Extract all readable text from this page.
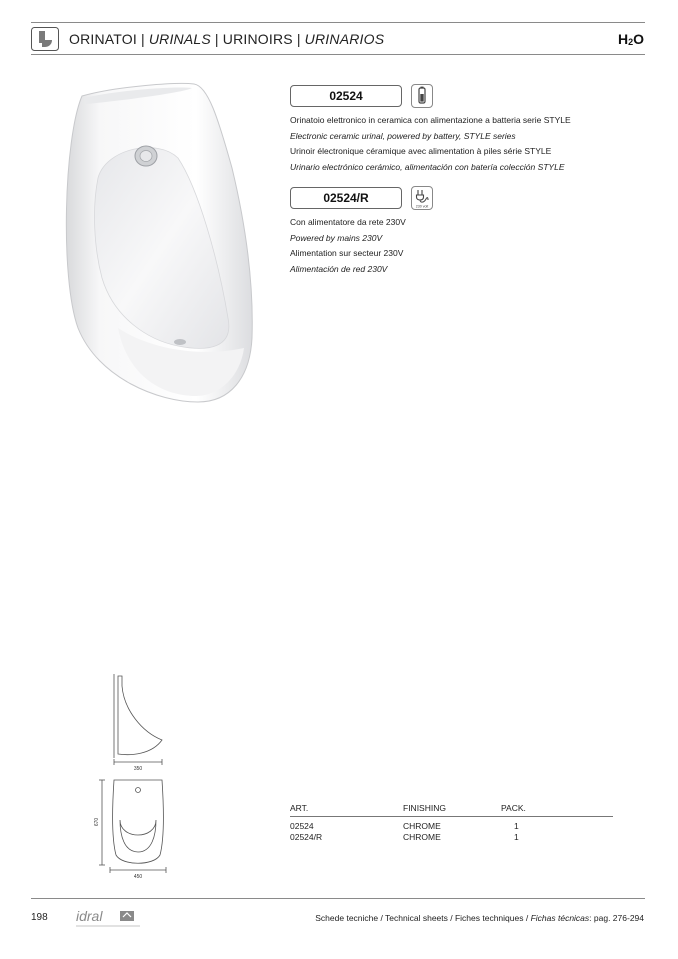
ORINATOI | URINALS | URINOIRS | URINARIOS	$H_2O$
02524
Orinatoio elettronico in ceramica con alimentazione a batteria serie STYLE
Electronic ceramic urinal, powered by battery, STYLE series
Urinoir électronique céramique avec alimentation à piles série STYLE
Urinario electrónico cerámico, alimentación con batería colección STYLE
02524/R
230 volt
Con alimentatore da rete 230V
Powered by mains 230V
Alimentation sur secteur 230V
Alimentación de red 230V
350
670
450
ART.	FINISHING	PACK.
02524	CHROME	1
02524/R	CHROME	1
198 idral	Schede tecniche / Technical sheets / Fiches techniques / Fichas técnicas: pag. 276-294
